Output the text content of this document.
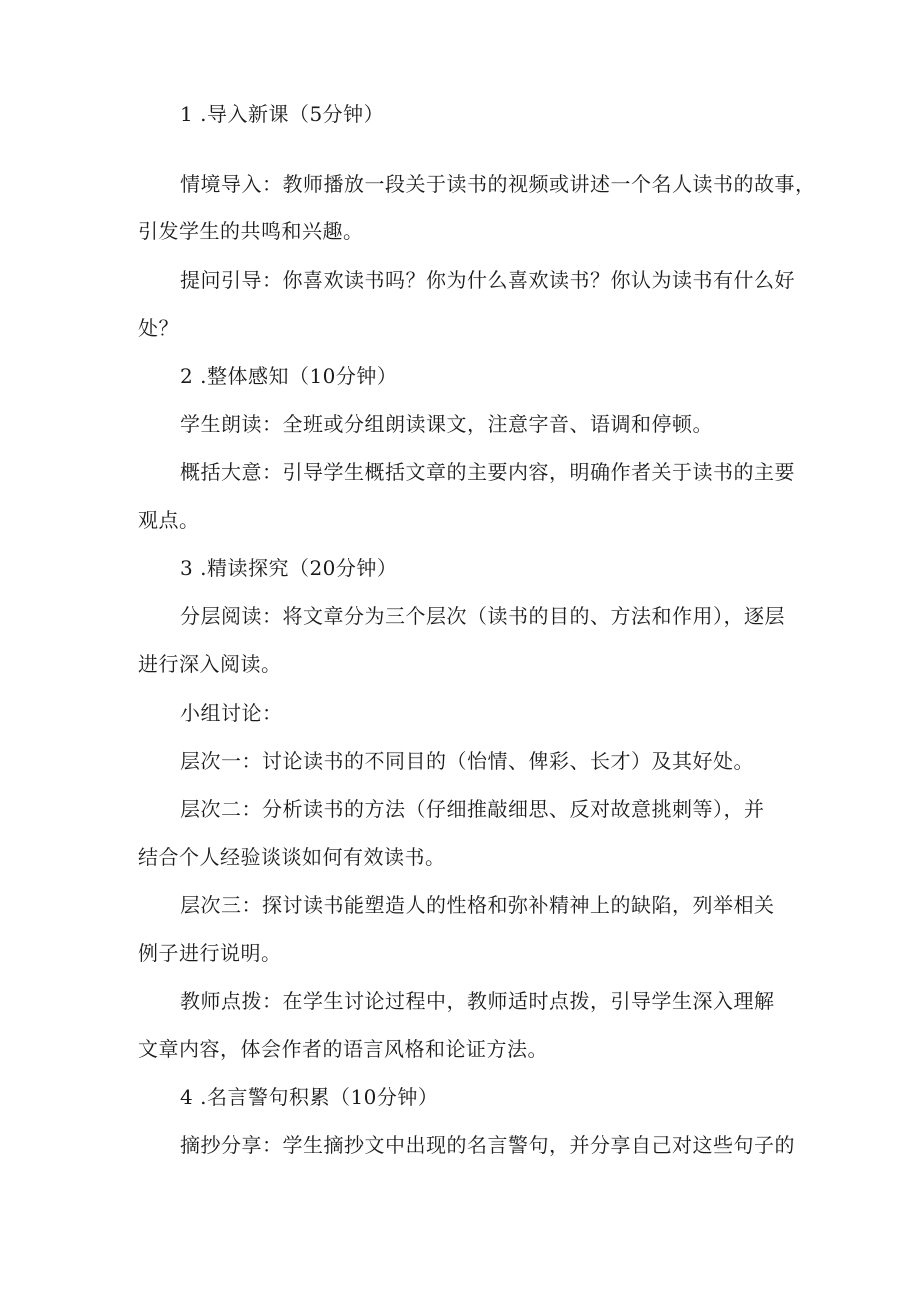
1 .导入新课（5分钟）
情境导入：教师播放一段关于读书的视频或讲述一个名人读书的故事，
引发学生的共鸣和兴趣。
提问引导：你喜欢读书吗？你为什么喜欢读书？你认为读书有什么好
处？
2 .整体感知（10分钟）
学生朗读：全班或分组朗读课文，注意字音、语调和停顿。
概括大意：引导学生概括文章的主要内容，明确作者关于读书的主要
观点。
3 .精读探究（20分钟）
分层阅读：将文章分为三个层次（读书的目的、方法和作用），逐层
进行深入阅读。
小组讨论：
层次一：讨论读书的不同目的（怡情、俾彩、长才）及其好处。
层次二：分析读书的方法（仔细推敲细思、反对故意挑刺等），并
结合个人经验谈谈如何有效读书。
层次三：探讨读书能塑造人的性格和弥补精神上的缺陷，列举相关
例子进行说明。
教师点拨：在学生讨论过程中，教师适时点拨，引导学生深入理解
文章内容，体会作者的语言风格和论证方法。
4 .名言警句积累（10分钟）
摘抄分享：学生摘抄文中出现的名言警句，并分享自己对这些句子的
